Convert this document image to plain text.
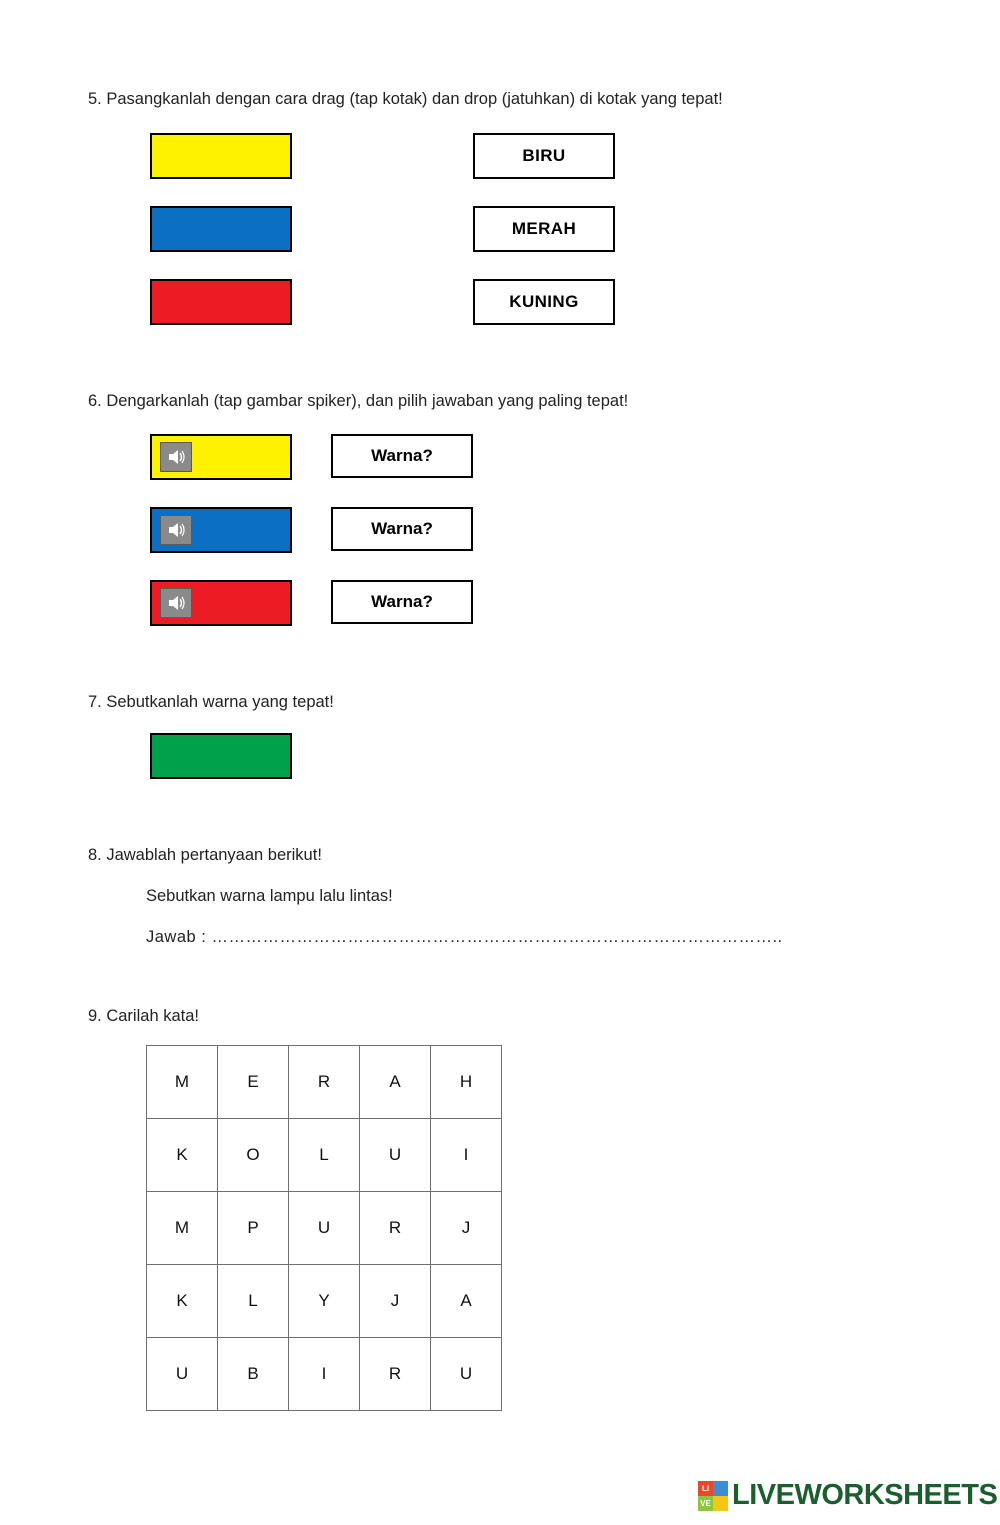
5. Pasangkanlah dengan cara drag (tap kotak) dan drop (jatuhkan) di kotak yang tepat!
BIRU
MERAH
KUNING
6. Dengarkanlah (tap gambar spiker), dan pilih jawaban yang paling tepat!
Warna?
Warna?
Warna?
7. Sebutkanlah warna yang tepat!
8. Jawablah pertanyaan berikut!
Sebutkan warna lampu lalu lintas!
Jawab : ………………………………………………………………………………………..
9. Carilah kata!
M	E	R	A	H
K	O	L	U	I
M	P	U	R	J
K	L	Y	J	A
U	B	I	R	U
LI
VE LIVEWORKSHEETS
